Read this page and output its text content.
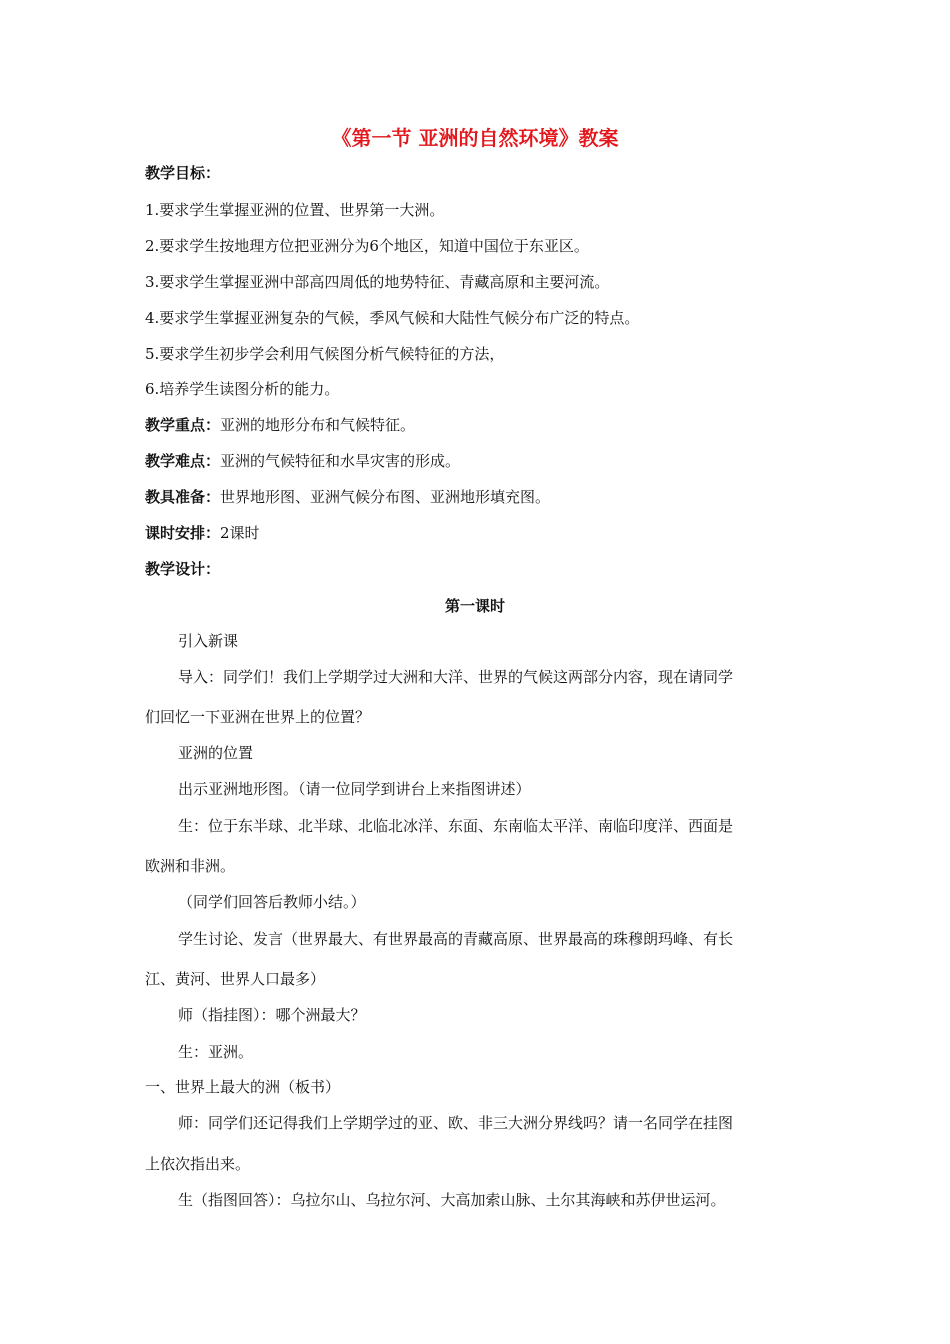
《第一节 亚洲的自然环境》教案
教学目标：
1.要求学生掌握亚洲的位置、世界第一大洲。
2.要求学生按地理方位把亚洲分为6个地区，知道中国位于东亚区。
3.要求学生掌握亚洲中部高四周低的地势特征、青藏高原和主要河流。
4.要求学生掌握亚洲复杂的气候，季风气候和大陆性气候分布广泛的特点。
5.要求学生初步学会利用气候图分析气候特征的方法，
6.培养学生读图分析的能力。
教学重点：亚洲的地形分布和气候特征。
教学难点：亚洲的气候特征和水旱灾害的形成。
教具准备：世界地形图、亚洲气候分布图、亚洲地形填充图。
课时安排：2课时
教学设计：
第一课时
引入新课
导入：同学们！我们上学期学过大洲和大洋、世界的气候这两部分内容，现在请同学
们回忆一下亚洲在世界上的位置？
亚洲的位置
出示亚洲地形图。（请一位同学到讲台上来指图讲述）
生：位于东半球、北半球、北临北冰洋、东面、东南临太平洋、南临印度洋、西面是
欧洲和非洲。
（同学们回答后教师小结。）
学生讨论、发言（世界最大、有世界最高的青藏高原、世界最高的珠穆朗玛峰、有长
江、黄河、世界人口最多）
师（指挂图）：哪个洲最大？
生：亚洲。
一、世界上最大的洲（板书）
师：同学们还记得我们上学期学过的亚、欧、非三大洲分界线吗？请一名同学在挂图
上依次指出来。
生（指图回答）：乌拉尔山、乌拉尔河、大高加索山脉、土尔其海峡和苏伊世运河。
